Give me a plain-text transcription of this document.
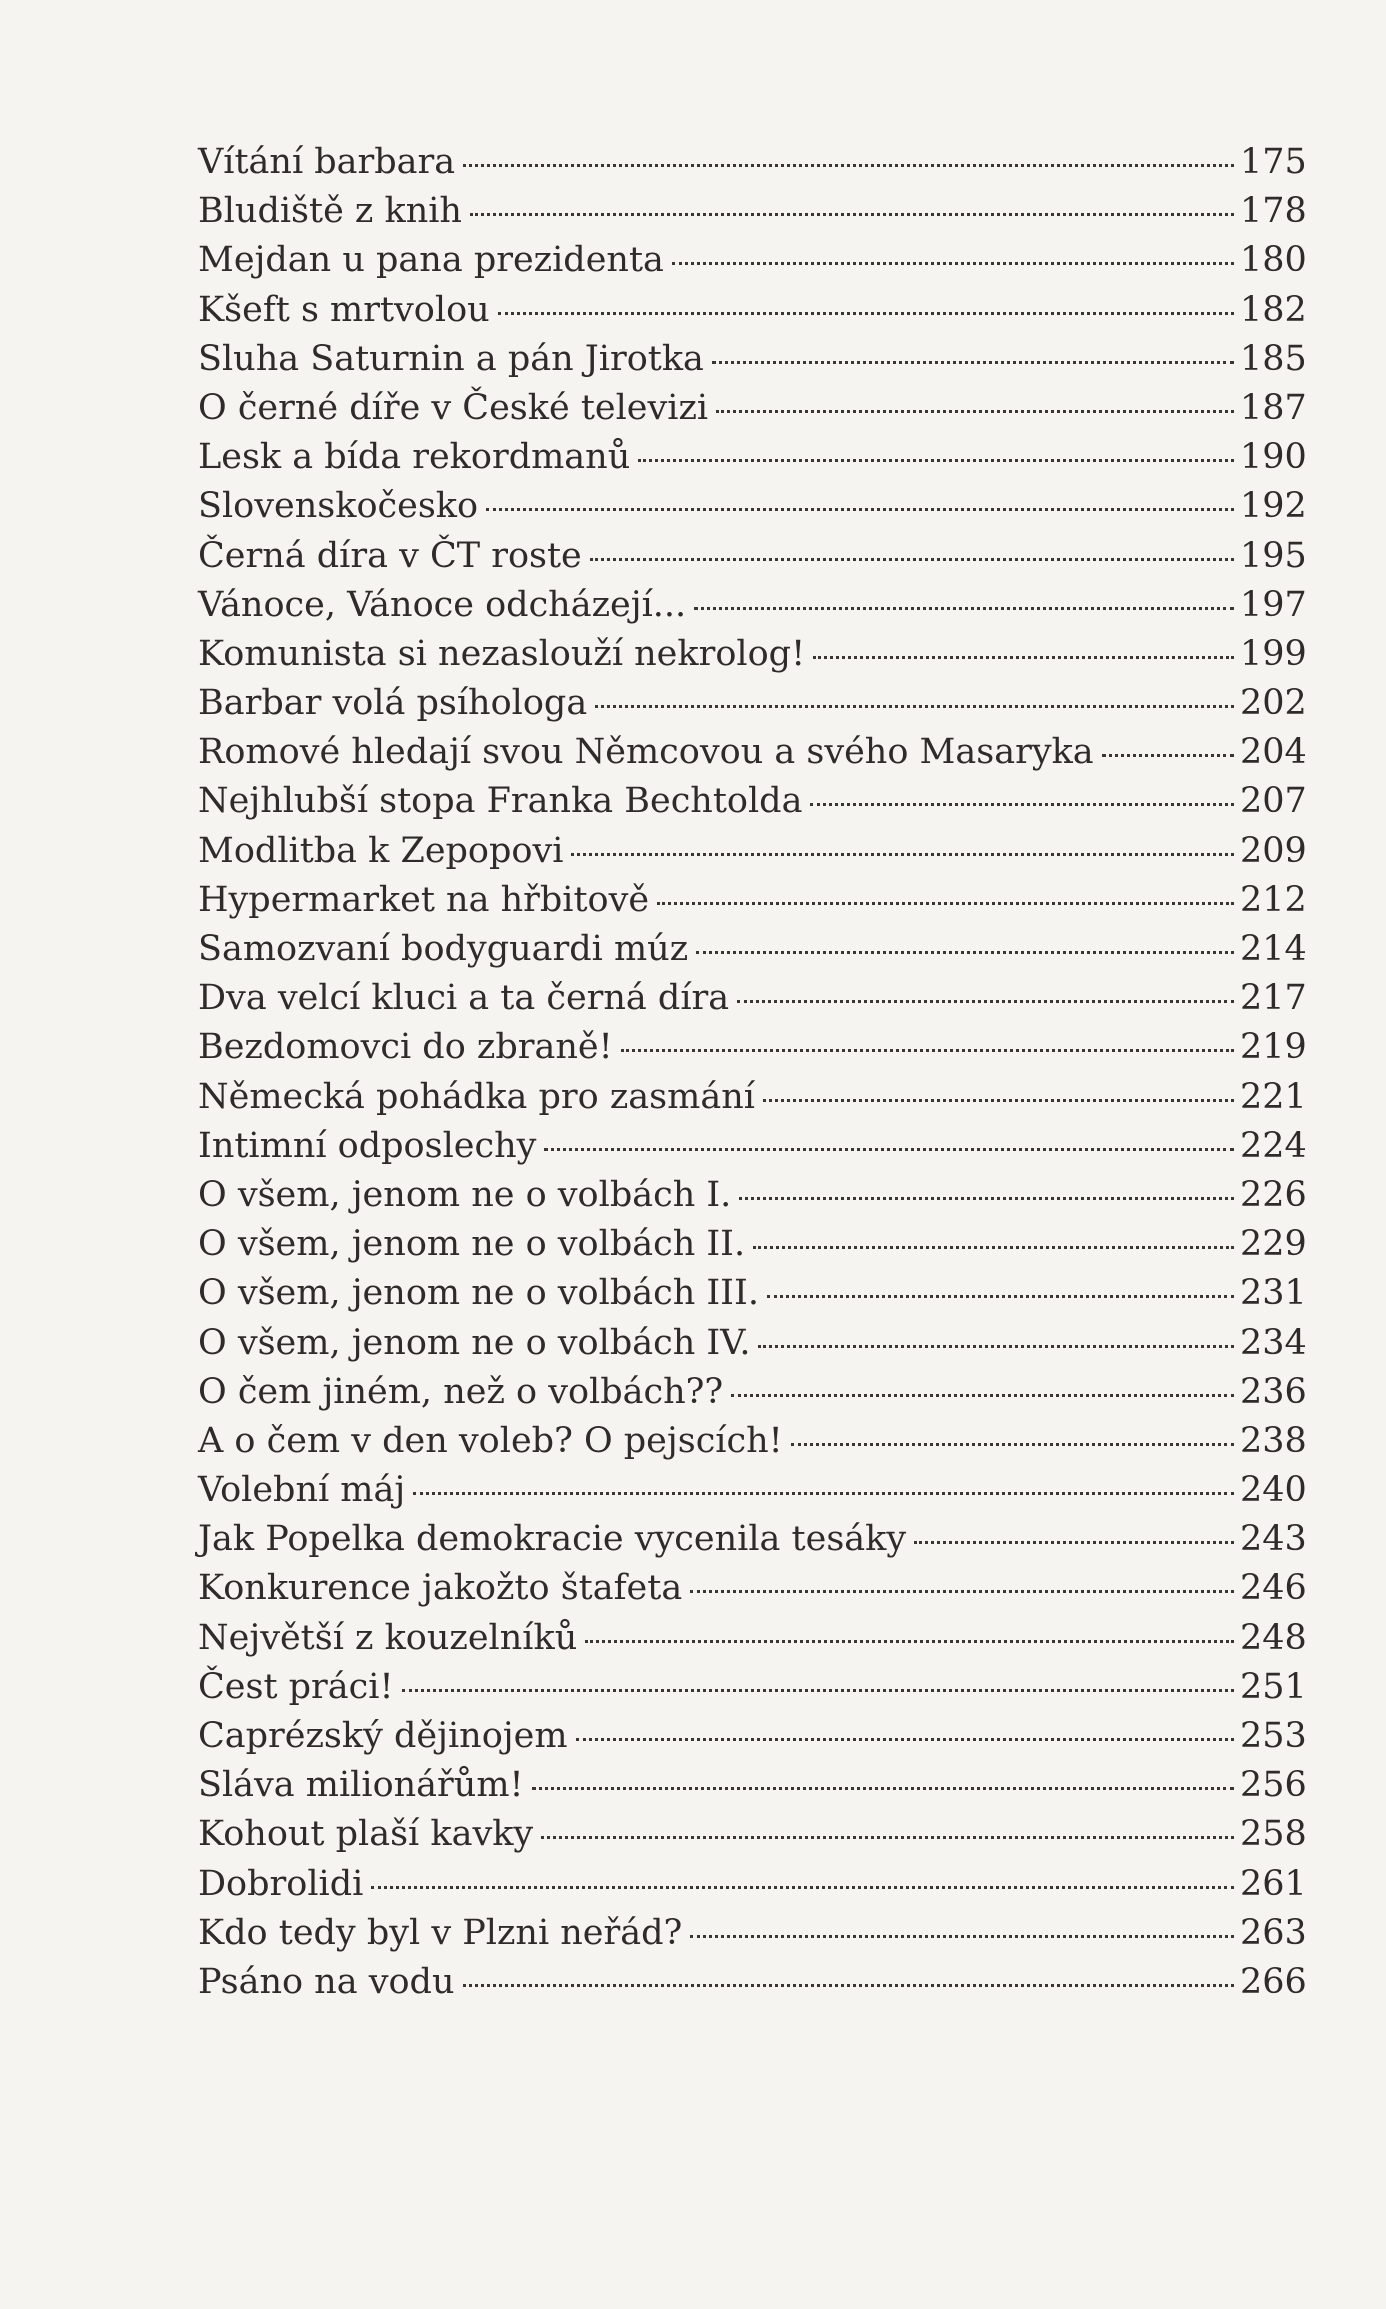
Vítání barbara	175
Bludiště z knih	178
Mejdan u pana prezidenta	180
Kšeft s mrtvolou	182
Sluha Saturnin a pán Jirotka	185
O černé díře v České televizi	187
Lesk a bída rekordmanů	190
Slovenskočesko	192
Černá díra v ČT roste	195
Vánoce, Vánoce odcházejí...	197
Komunista si nezaslouží nekrolog!	199
Barbar volá psíhologa	202
Romové hledají svou Němcovou a svého Masaryka	204
Nejhlubší stopa Franka Bechtolda	207
Modlitba k Zepopovi	209
Hypermarket na hřbitově	212
Samozvaní bodyguardi múz	214
Dva velcí kluci a ta černá díra	217
Bezdomovci do zbraně!	219
Německá pohádka pro zasmání	221
Intimní odposlechy	224
O všem, jenom ne o volbách I.	226
O všem, jenom ne o volbách II.	229
O všem, jenom ne o volbách III.	231
O všem, jenom ne o volbách IV.	234
O čem jiném, než o volbách??	236
A o čem v den voleb? O pejscích!	238
Volební máj	240
Jak Popelka demokracie vycenila tesáky	243
Konkurence jakožto štafeta	246
Největší z kouzelníků	248
Čest práci!	251
Caprézský dějinojem	253
Sláva milionářům!	256
Kohout plaší kavky	258
Dobrolidi	261
Kdo tedy byl v Plzni neřád?	263
Psáno na vodu	266
